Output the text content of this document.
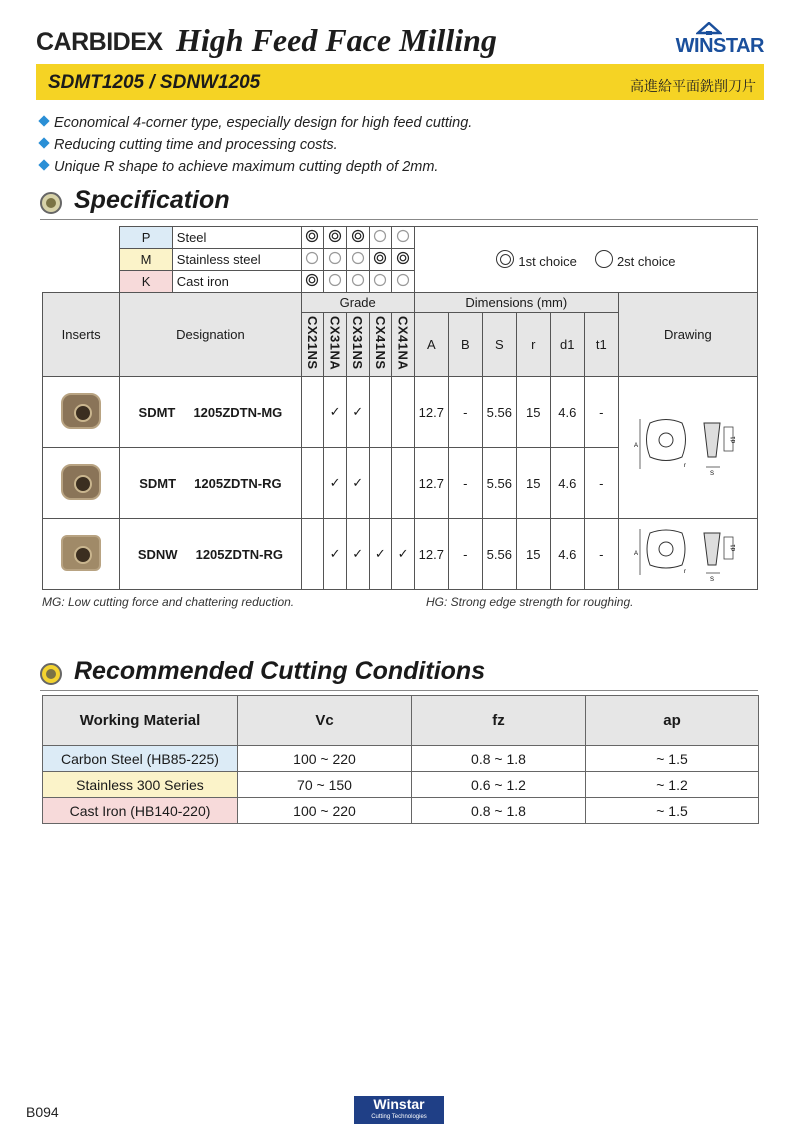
CARBIDEX High Feed Face Milling	WINSTAR
SDMT1205 / SDNW1205	高進給平面銑削刀片
Economical 4-corner type, especially design for high feed cutting.
Reducing cutting time and processing costs.
Unique R shape to achieve maximum cutting depth of 2mm.
Specification
	P	Steel						1st choice 2st choice						
	M	Stainless steel					
	K	Cast iron					
Inserts	Designation		Grade					Dimensions (mm)						Drawing
			CX21NS	CX31NA	CX31NS	CX41NS	CX41NA	A	B	S	r	d1	t1	
	SDMT 1205ZDTN-MG			✓	✓			12.7	-	5.56	15	4.6	-	A
r
S
d1

	SDMT 1205ZDTN-RG			✓	✓			12.7	-	5.56	15	4.6	-	
	SDNW 1205ZDTN-RG			✓	✓	✓	✓	12.7	-	5.56	15	4.6	-	A
r
S
d1
MG: Low cutting force and chattering reduction.	HG: Strong edge strength for roughing.
Recommended Cutting Conditions
Working Material	Vc	fz	ap
Carbon Steel (HB85-225)	100 ~ 220	0.8 ~ 1.8	~ 1.5
Stainless 300 Series	70 ~ 150	0.6 ~ 1.2	~ 1.2
Cast Iron (HB140-220)	100 ~ 220	0.8 ~ 1.8	~ 1.5
B094	Winstar
Cutting Technologies
